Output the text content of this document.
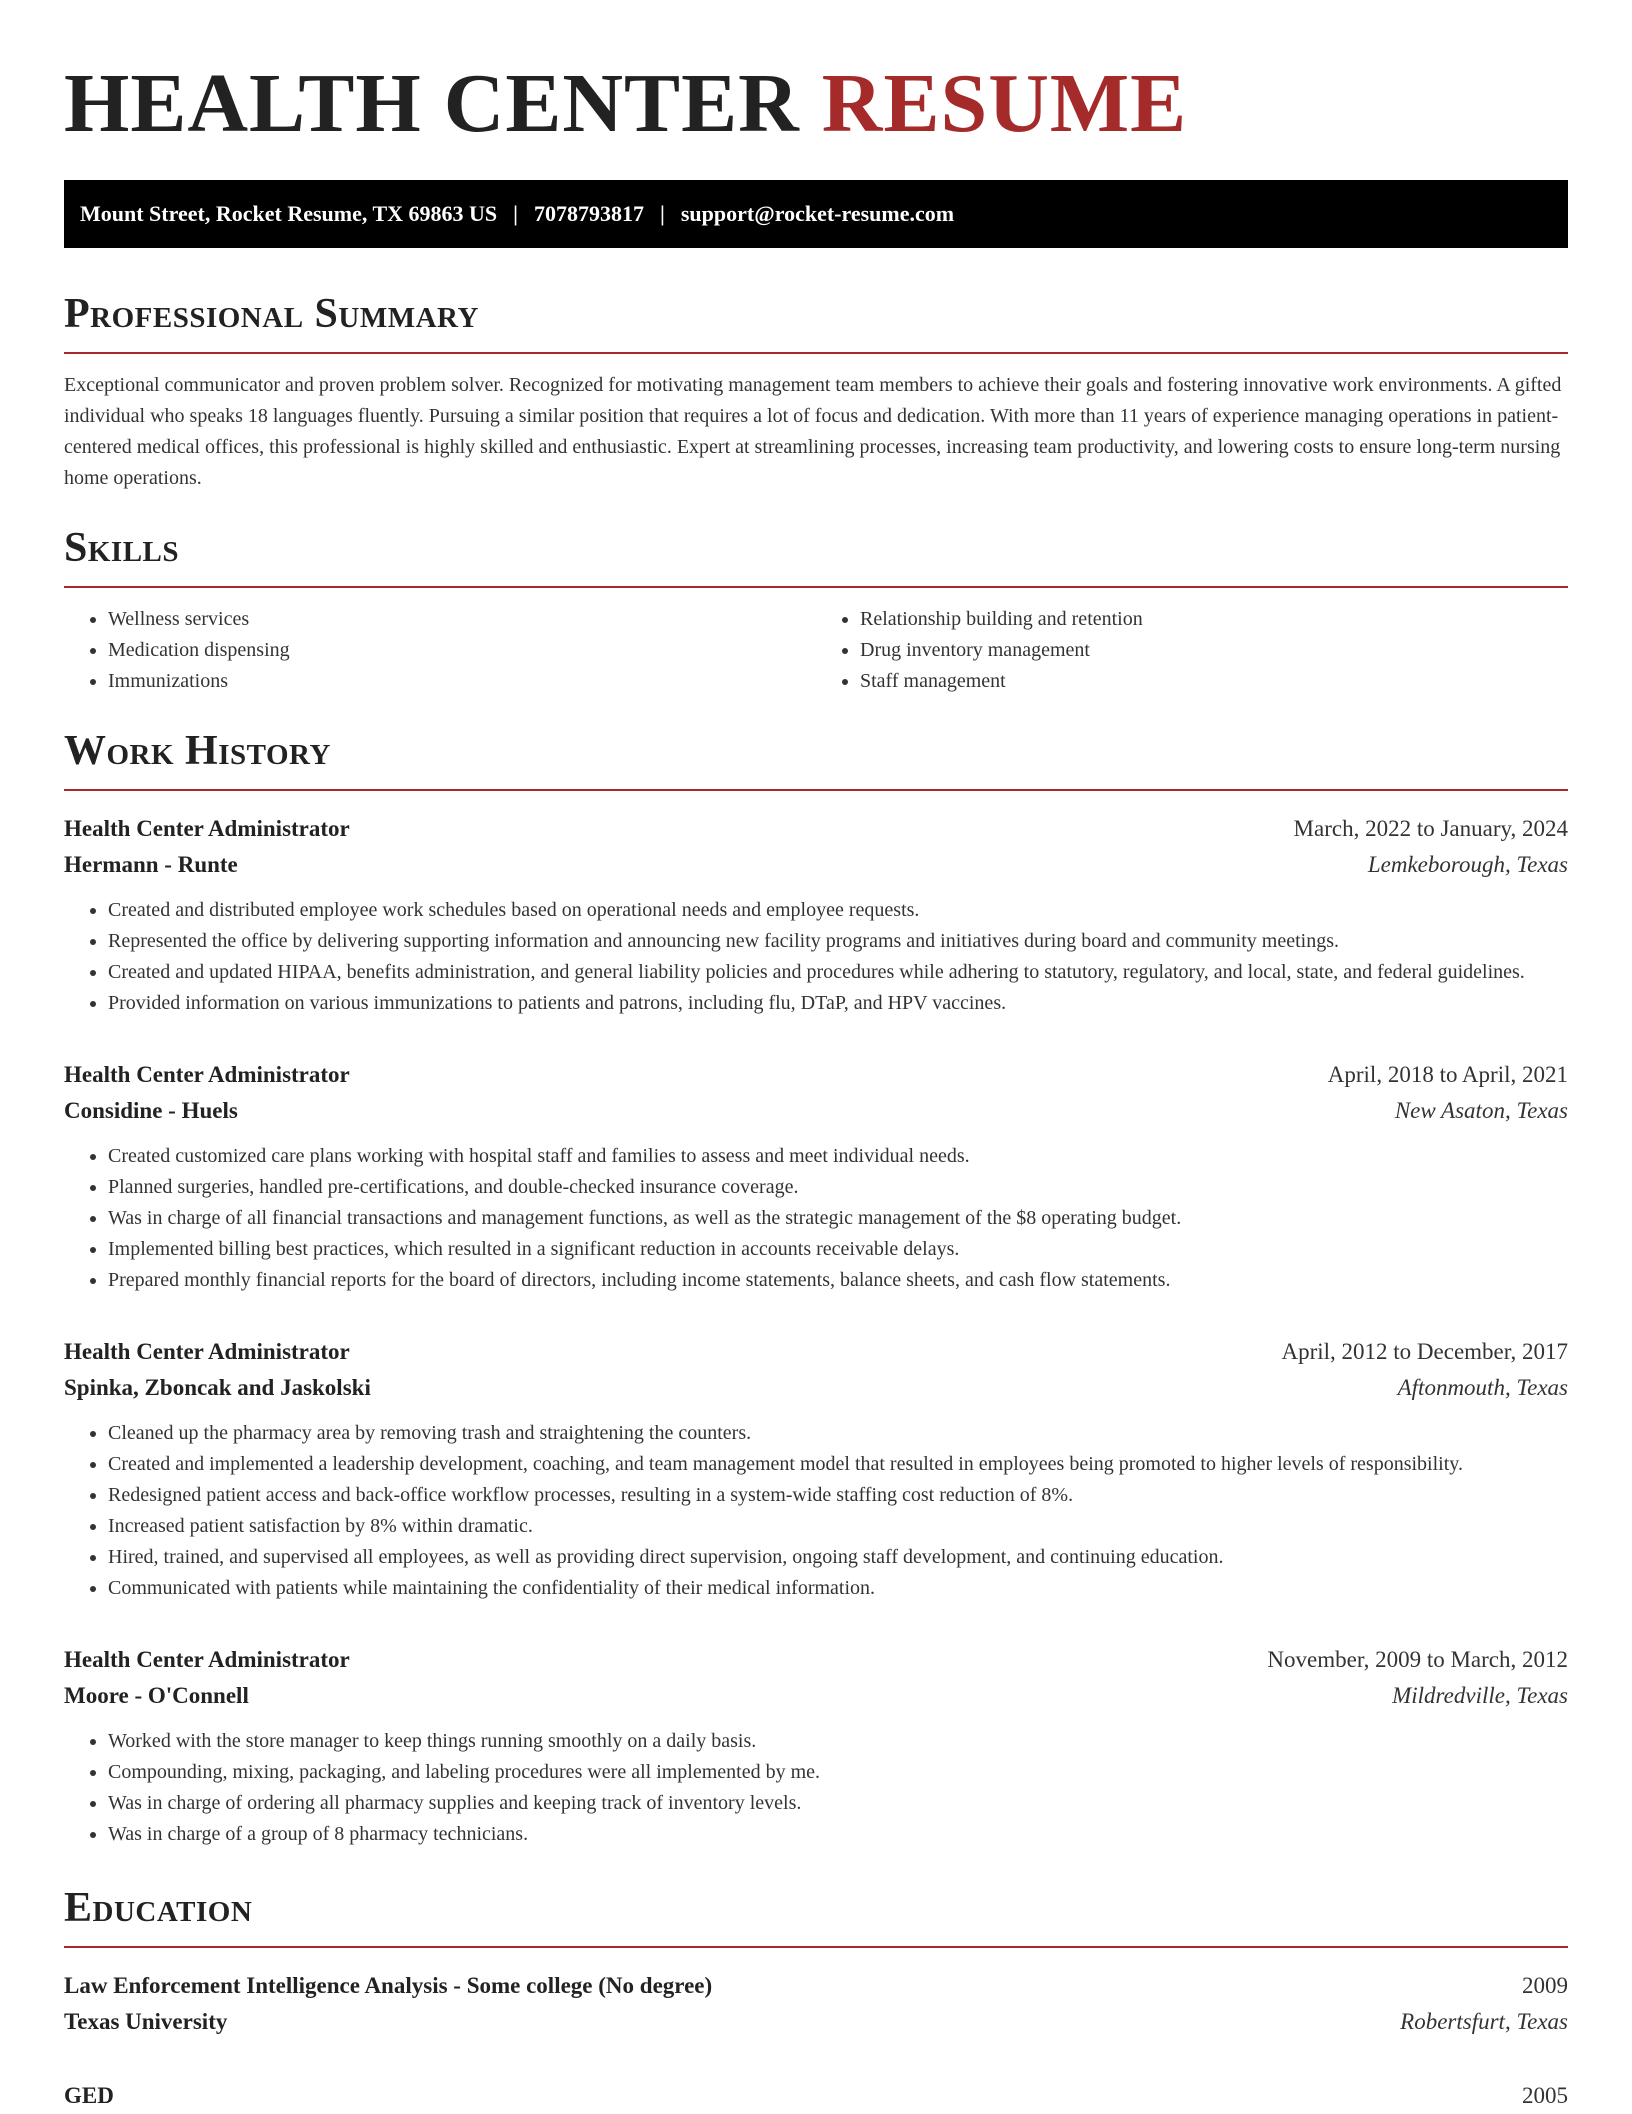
HEALTH CENTER RESUME
Mount Street, Rocket Resume, TX 69863 US | 7078793817 | support@rocket-resume.com
Professional Summary

Exceptional communicator and proven problem solver. Recognized for motivating management team members to achieve their goals and fostering innovative work environments. A gifted individual who speaks 18 languages fluently. Pursuing a similar position that requires a lot of focus and dedication. With more than 11 years of experience managing operations in patient-centered medical offices, this professional is highly skilled and enthusiastic. Expert at streamlining processes, increasing team productivity, and lowering costs to ensure long-term nursing home operations.

Skills
• Wellness services
• Medication dispensing
• Immunizations
• Relationship building and retention
• Drug inventory management
• Staff management
Work History
Health Center Administrator	March, 2022 to January, 2024
Hermann - Runte	Lemkeborough, Texas
• Created and distributed employee work schedules based on operational needs and employee requests.
• Represented the office by delivering supporting information and announcing new facility programs and initiatives during board and community meetings.
• Created and updated HIPAA, benefits administration, and general liability policies and procedures while adhering to statutory, regulatory, and local, state, and federal guidelines.
• Provided information on various immunizations to patients and patrons, including flu, DTaP, and HPV vaccines.
Health Center Administrator	April, 2018 to April, 2021
Considine - Huels	New Asaton, Texas
• Created customized care plans working with hospital staff and families to assess and meet individual needs.
• Planned surgeries, handled pre-certifications, and double-checked insurance coverage.
• Was in charge of all financial transactions and management functions, as well as the strategic management of the $8 operating budget.
• Implemented billing best practices, which resulted in a significant reduction in accounts receivable delays.
• Prepared monthly financial reports for the board of directors, including income statements, balance sheets, and cash flow statements.
Health Center Administrator	April, 2012 to December, 2017
Spinka, Zboncak and Jaskolski	Aftonmouth, Texas
• Cleaned up the pharmacy area by removing trash and straightening the counters.
• Created and implemented a leadership development, coaching, and team management model that resulted in employees being promoted to higher levels of responsibility.
• Redesigned patient access and back-office workflow processes, resulting in a system-wide staffing cost reduction of 8%.
• Increased patient satisfaction by 8% within dramatic.
• Hired, trained, and supervised all employees, as well as providing direct supervision, ongoing staff development, and continuing education.
• Communicated with patients while maintaining the confidentiality of their medical information.
Health Center Administrator	November, 2009 to March, 2012
Moore - O'Connell	Mildredville, Texas
• Worked with the store manager to keep things running smoothly on a daily basis.
• Compounding, mixing, packaging, and labeling procedures were all implemented by me.
• Was in charge of ordering all pharmacy supplies and keeping track of inventory levels.
• Was in charge of a group of 8 pharmacy technicians.
Education
Law Enforcement Intelligence Analysis - Some college (No degree)	2009
Texas University	Robertsfurt, Texas
GED	2005
